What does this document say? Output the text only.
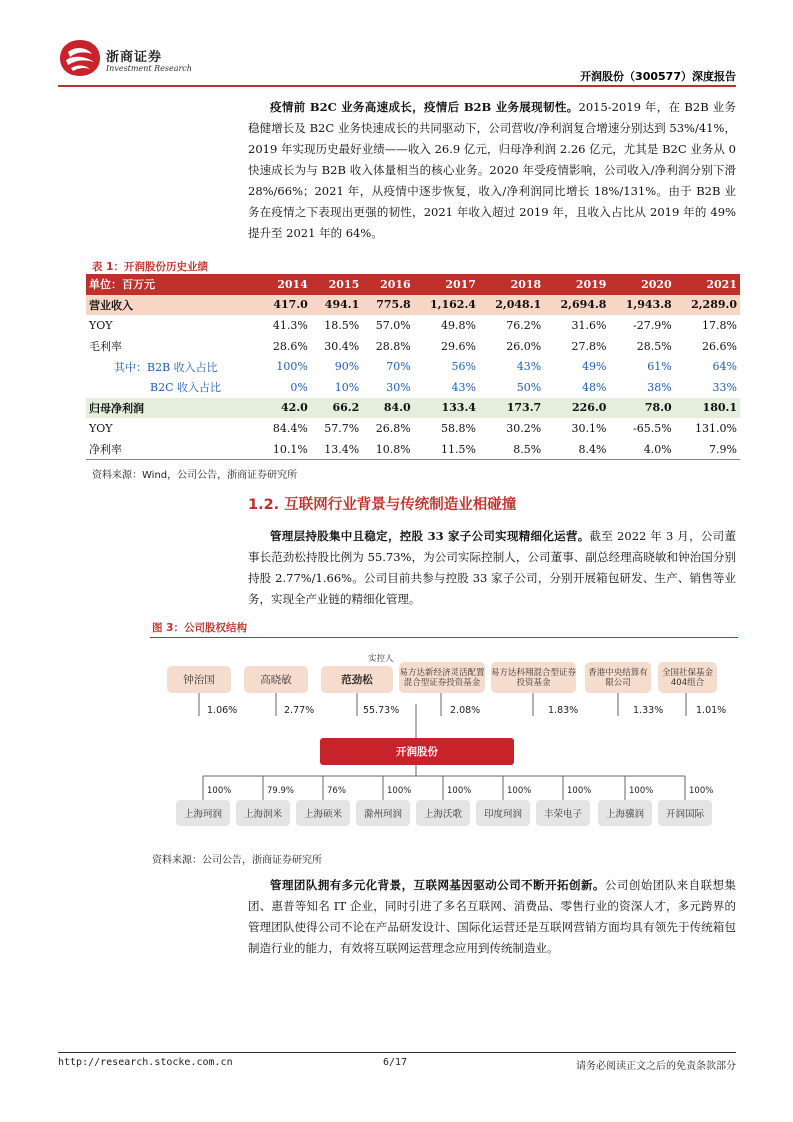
浙商证券
Investment Research
开润股份（300577）深度报告
疫情前 B2C 业务高速成长，疫情后 B2B 业务展现韧性。2015-2019 年，在 B2B 业务稳健增长及 B2C 业务快速成长的共同驱动下，公司营收/净利润复合增速分别达到 53%/41%，2019 年实现历史最好业绩——收入 26.9 亿元，归母净利润 2.26 亿元，尤其是 B2C 业务从 0 快速成长为与 B2B 收入体量相当的核心业务。2020 年受疫情影响，公司收入/净利润分别下滑 28%/66%；2021 年，从疫情中逐步恢复，收入/净利润同比增长 18%/131%。由于 B2B 业务在疫情之下表现出更强的韧性，2021 年收入超过 2019 年，且收入占比从 2019 年的 49%提升至 2021 年的 64%。
表 1：开润股份历史业绩
单位：百万元	2014	2015	2016	2017	2018	2019	2020	2021
营业收入	417.0	494.1	775.8	1,162.4	2,048.1	2,694.8	1,943.8	2,289.0
YOY	41.3%	18.5%	57.0%	49.8%	76.2%	31.6%	-27.9%	17.8%
毛利率	28.6%	30.4%	28.8%	29.6%	26.0%	27.8%	28.5%	26.6%
其中：B2B 收入占比	100%	90%	70%	56%	43%	49%	61%	64%
B2C 收入占比	0%	10%	30%	43%	50%	48%	38%	33%
归母净利润	42.0	66.2	84.0	133.4	173.7	226.0	78.0	180.1
YOY	84.4%	57.7%	26.8%	58.8%	30.2%	30.1%	-65.5%	131.0%
净利率	10.1%	13.4%	10.8%	11.5%	8.5%	8.4%	4.0%	7.9%
资料来源：Wind，公司公告，浙商证券研究所
1.2. 互联网行业背景与传统制造业相碰撞
管理层持股集中且稳定，控股 33 家子公司实现精细化运营。截至 2022 年 3 月，公司董事长范劲松持股比例为 55.73%，为公司实际控制人，公司董事、副总经理高晓敏和钟治国分别持股 2.77%/1.66%。公司目前共参与控股 33 家子公司，分别开展箱包研发、生产、销售等业务，实现全产业链的精细化管理。
图 3：公司股权结构
实控人
钟治国	高晓敏	范劲松
易方达新经济灵活配置混合型证券投资基金
易方达科翔混合型证券投资基金
香港中央结算有限公司
全国社保基金404组合
1.06%	2.77%	55.73%	2.08%	1.83%	1.33%	1.01%
开润股份
100%	79.9%	76%	100%	100%	100%	100%	100%	100%
上海珂润	上海润米	上海硕米	滁州珂润	上海沃歌	印度珂润	丰荣电子	上海骥润	开润国际
资料来源：公司公告，浙商证券研究所
管理团队拥有多元化背景，互联网基因驱动公司不断开拓创新。公司创始团队来自联想集团、惠普等知名 IT 企业，同时引进了多名互联网、消费品、零售行业的资深人才，多元跨界的管理团队使得公司不论在产品研发设计、国际化运营还是互联网营销方面均具有领先于传统箱包制造行业的能力，有效将互联网运营理念应用到传统制造业。
http://research.stocke.com.cn	6/17	请务必阅读正文之后的免责条款部分
